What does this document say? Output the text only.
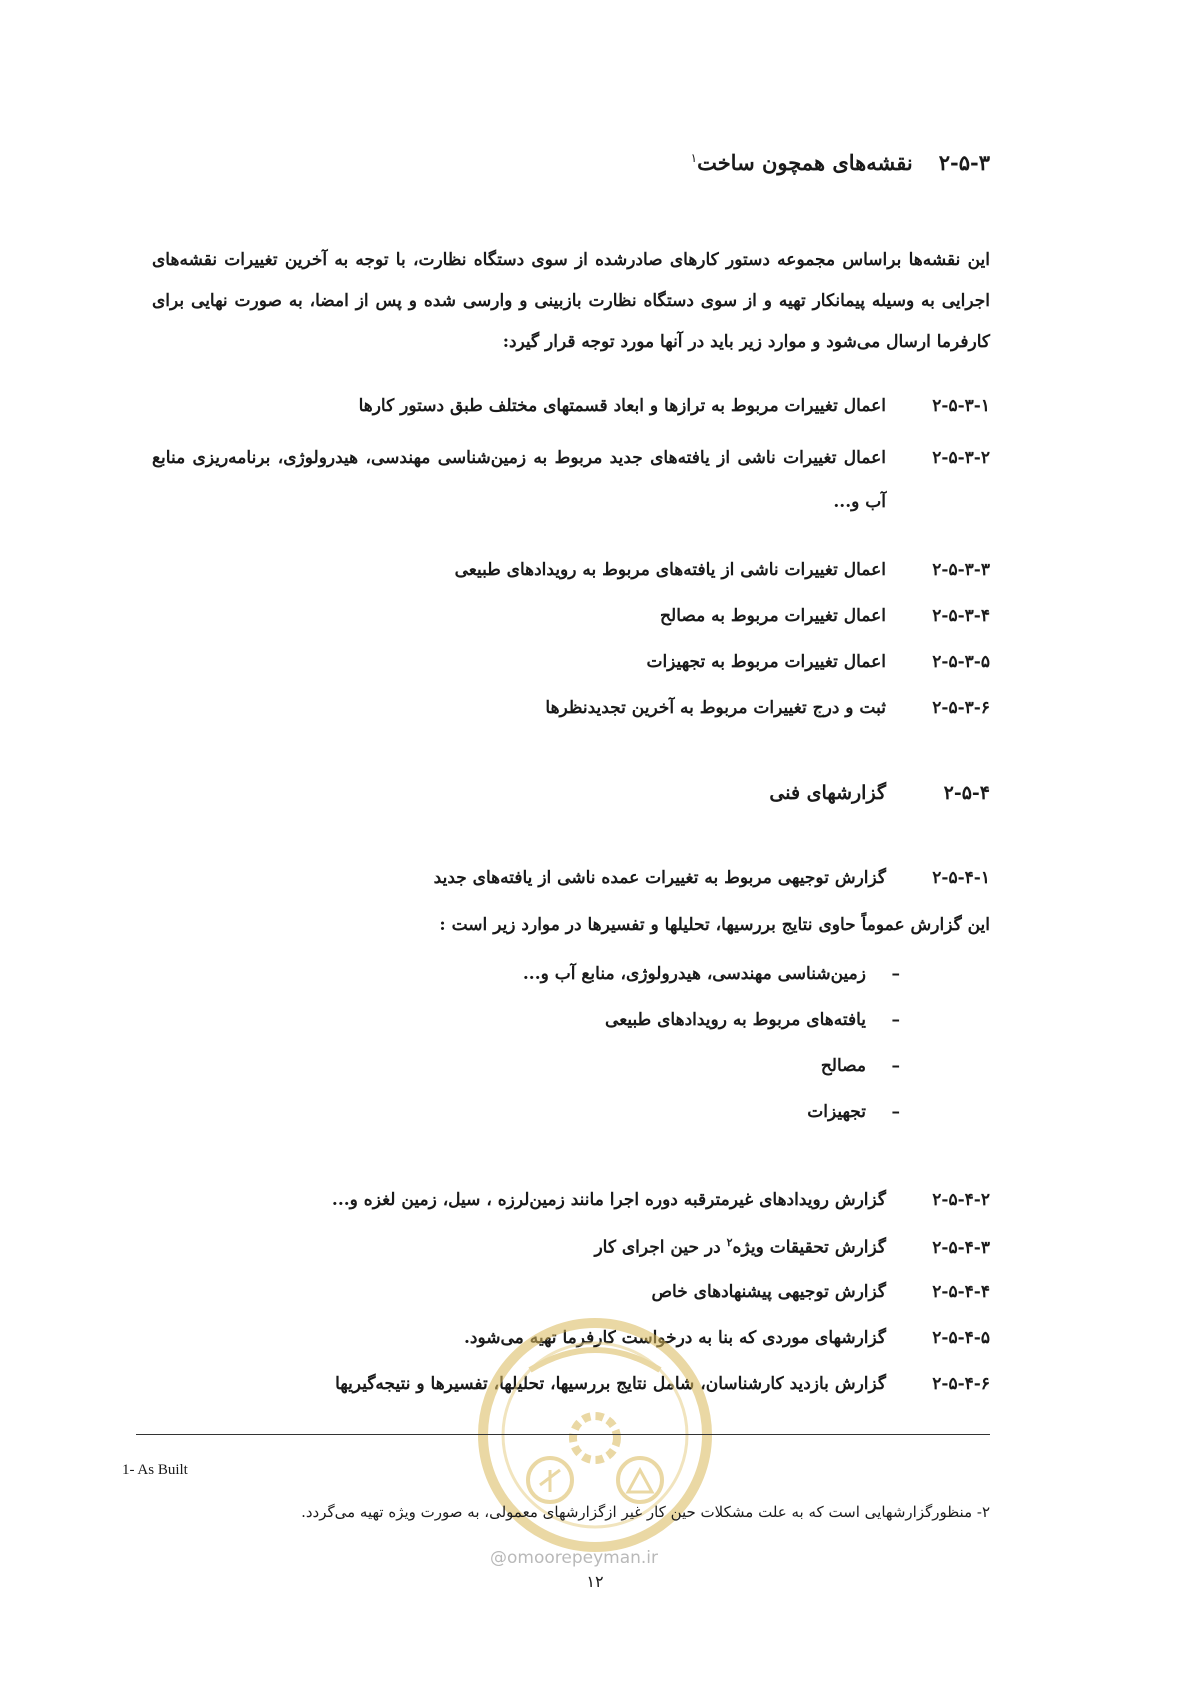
۲-۵-۳نقشه‌های همچون ساخت$^۱$
این نقشه‌ها براساس مجموعه دستور کارهای صادرشده از سوی دستگاه نظارت، با توجه به آخرین تغییرات نقشه‌های اجرایی به وسیله پیمانکار تهیه و از سوی دستگاه نظارت بازبینی و وارسی شده و پس از امضا، به صورت نهایی برای کارفرما ارسال می‌شود و موارد زیر باید در آنها مورد توجه قرار گیرد:
۲-۵-۳-۱
اعمال تغییرات مربوط به ترازها و ابعاد قسمتهای مختلف طبق دستور کارها
۲-۵-۳-۲
اعمال تغییرات ناشی از یافته‌های جدید مربوط به زمین‌شناسی مهندسی، هیدرولوژی، برنامه‌ریزی منابع آب و...
۲-۵-۳-۳
اعمال تغییرات ناشی از یافته‌های مربوط به رویدادهای طبیعی
۲-۵-۳-۴
اعمال تغییرات مربوط به مصالح
۲-۵-۳-۵
اعمال تغییرات مربوط به تجهیزات
۲-۵-۳-۶
ثبت و درج تغییرات مربوط به آخرین تجدیدنظرها
۲-۵-۴
گزارشهای فنی
۲-۵-۴-۱
گزارش توجیهی مربوط به تغییرات عمده ناشی از یافته‌های جدید
این گزارش عموماً حاوی نتایج بررسیها، تحلیلها و تفسیرها در موارد زیر است :
–
زمین‌شناسی مهندسی، هیدرولوژی، منابع آب و...
–
یافته‌های مربوط به رویدادهای طبیعی
–
مصالح
–
تجهیزات
۲-۵-۴-۲
گزارش رویدادهای غیرمترقبه دوره اجرا مانند زمین‌لرزه ، سیل، زمین لغزه و...
۲-۵-۴-۳
گزارش تحقیقات ویژه$^۲$ در حین اجرای کار
۲-۵-۴-۴
گزارش توجیهی پیشنهادهای خاص
۲-۵-۴-۵
گزارشهای موردی که بنا به درخواست کارفرما تهیه می‌شود.
۲-۵-۴-۶
گزارش بازدید کارشناسان، شامل نتایج بررسیها، تحلیلها، تفسیرها و نتیجه‌گیریها
1- As Built
۲- منظورگزارشهایی است که به علت مشکلات حین کار غیر ازگزارشهای معمولی، به صورت ویژه تهیه می‌گردد.
@omoorepeyman.ir
۱۲
